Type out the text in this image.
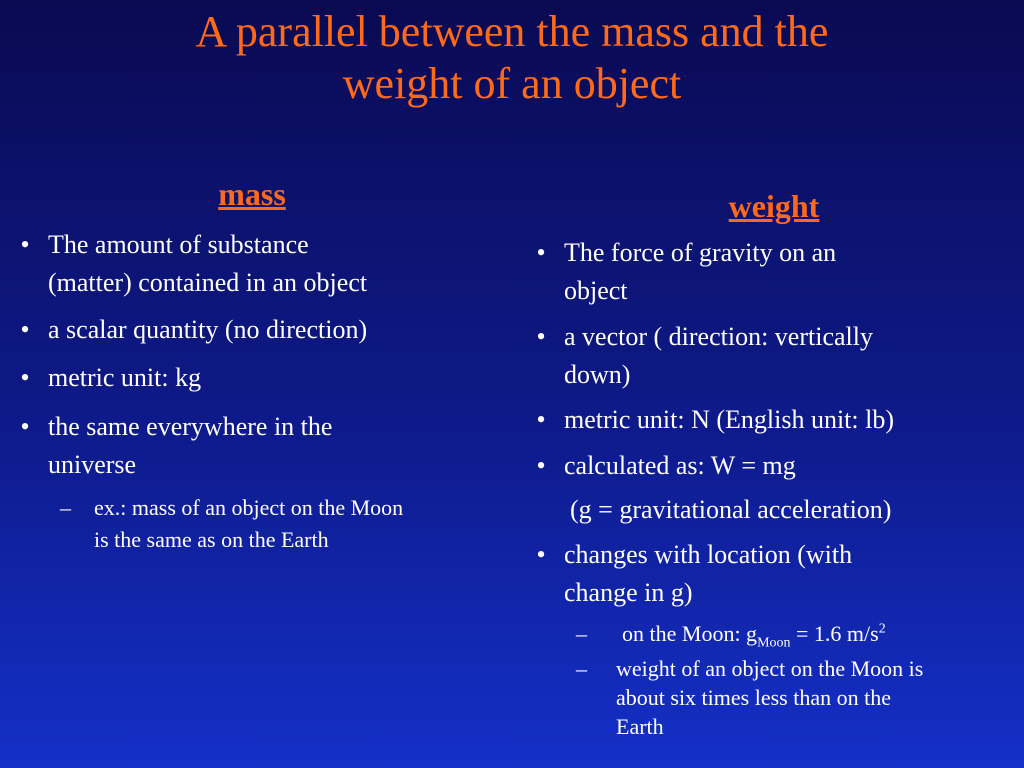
A parallel between the mass and the
weight of an object
mass	weight
• The amount of substance
(matter) contained in an object
• a scalar quantity (no direction)
• metric unit: kg
• the same everywhere in the
universe
– ex.: mass of an object on the Moon
is the same as on the Earth
• The force of gravity on an
object
• a vector ( direction: vertically
down)
• metric unit: N (English unit: lb)
• calculated as: W = mg
(g = gravitational acceleration)
• changes with location (with
change in g)
– on the Moon: $g_{Moon} = 1.6$ $m/s^2$
– weight of an object on the Moon is
about six times less than on the
Earth
